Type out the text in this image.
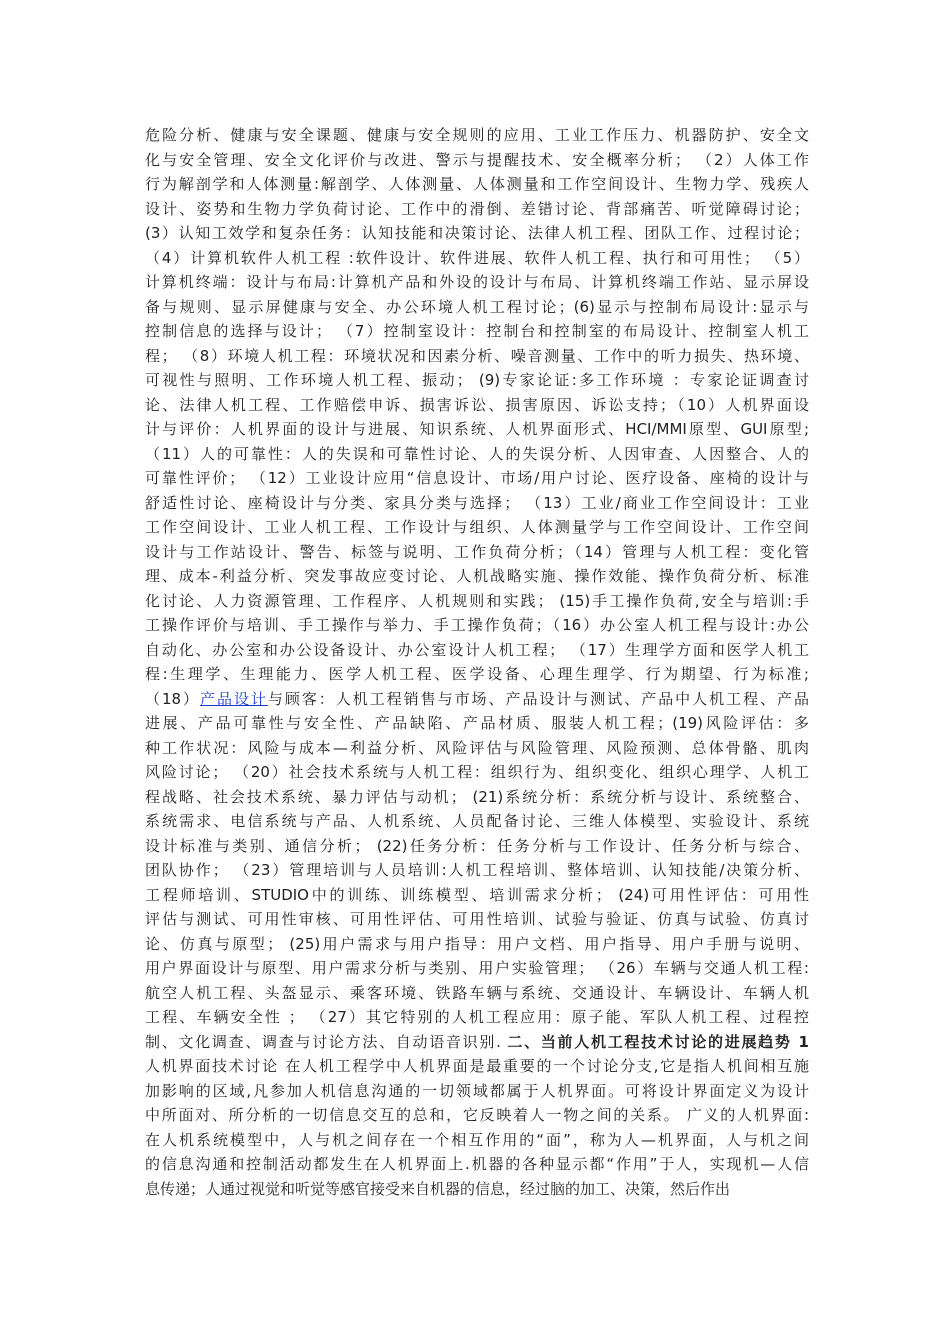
危险分析、健康与安全课题、健康与安全规则的应用、工业工作压力、机器防护、安全文
化与安全管理、安全文化评价与改进、警示与提醒技术、安全概率分析； （2）人体工作
行为解剖学和人体测量:解剖学、人体测量、人体测量和工作空间设计、生物力学、残疾人
设计、姿势和生物力学负荷讨论、工作中的滑倒、差错讨论、背部痛苦、听觉障碍讨论；
(3）认知工效学和复杂任务：认知技能和决策讨论、法律人机工程、团队工作、过程讨论；
（4）计算机软件人机工程 :软件设计、软件进展、软件人机工程、执行和可用性； （5）
计算机终端：设计与布局:计算机产品和外设的设计与布局、计算机终端工作站、显示屏设
备与规则、显示屏健康与安全、办公环境人机工程讨论；(6)显示与控制布局设计:显示与
控制信息的选择与设计； （7）控制室设计：控制台和控制室的布局设计、控制室人机工
程； （8）环境人机工程：环境状况和因素分析、噪音测量、工作中的听力损失、热环境、
可视性与照明、工作环境人机工程、振动； (9)专家论证:多工作环境 ：专家论证调查讨
论、法律人机工程、工作赔偿申诉、损害诉讼、损害原因、诉讼支持；（10）人机界面设
计与评价：人机界面的设计与进展、知识系统、人机界面形式、HCI/MMI原型、GUI原型;
（11）人的可靠性：人的失误和可靠性讨论、人的失误分析、人因审查、人因整合、人的
可靠性评价； （12）工业设计应用“信息设计、市场/用户讨论、医疗设备、座椅的设计与
舒适性讨论、座椅设计与分类、家具分类与选择； （13）工业/商业工作空间设计：工业
工作空间设计、工业人机工程、工作设计与组织、人体测量学与工作空间设计、工作空间
设计与工作站设计、警告、标签与说明、工作负荷分析；（14）管理与人机工程：变化管
理、成本-利益分析、突发事故应变讨论、人机战略实施、操作效能、操作负荷分析、标准
化讨论、人力资源管理、工作程序、人机规则和实践； (15)手工操作负荷,安全与培训:手
工操作评价与培训、手工操作与举力、手工操作负荷；（16）办公室人机工程与设计:办公
自动化、办公室和办公设备设计、办公室设计人机工程； （17）生理学方面和医学人机工
程:生理学、生理能力、医学人机工程、医学设备、心理生理学、行为期望、行为标准;
（18）产品设计与顾客：人机工程销售与市场、产品设计与测试、产品中人机工程、产品
进展、产品可靠性与安全性、产品缺陷、产品材质、服装人机工程；(19)风险评估：多
种工作状况：风险与成本—利益分析、风险评估与风险管理、风险预测、总体骨骼、肌肉
风险讨论； （20）社会技术系统与人机工程：组织行为、组织变化、组织心理学、人机工
程战略、社会技术系统、暴力评估与动机； (21)系统分析：系统分析与设计、系统整合、
系统需求、电信系统与产品、人机系统、人员配备讨论、三维人体模型、实验设计、系统
设计标准与类别、通信分析； (22)任务分析：任务分析与工作设计、任务分析与综合、
团队协作； （23）管理培训与人员培训:人机工程培训、整体培训、认知技能/决策分析、
工程师培训、STUDIO中的训练、训练模型、培训需求分析； (24)可用性评估：可用性
评估与测试、可用性审核、可用性评估、可用性培训、试验与验证、仿真与试验、仿真讨
论、仿真与原型； (25)用户需求与用户指导：用户文档、用户指导、用户手册与说明、
用户界面设计与原型、用户需求分析与类别、用户实验管理； （26）车辆与交通人机工程:
航空人机工程、头盔显示、乘客环境、铁路车辆与系统、交通设计、车辆设计、车辆人机
工程、车辆安全性 ； （27）其它特别的人机工程应用：原子能、军队人机工程、过程控
制、文化调查、调查与讨论方法、自动语音识别. 二、当前人机工程技术讨论的进展趋势 1
人机界面技术讨论 在人机工程学中人机界面是最重要的一个讨论分支,它是指人机间相互施
加影响的区域,凡参加人机信息沟通的一切领域都属于人机界面。可将设计界面定义为设计
中所面对、所分析的一切信息交互的总和，它反映着人一物之间的关系。 广义的人机界面:
在人机系统模型中，人与机之间存在一个相互作用的“面”，称为人—机界面，人与机之间
的信息沟通和控制活动都发生在人机界面上.机器的各种显示都“作用”于人，实现机—人信
息传递；人通过视觉和听觉等感官接受来自机器的信息，经过脑的加工、决策，然后作出
